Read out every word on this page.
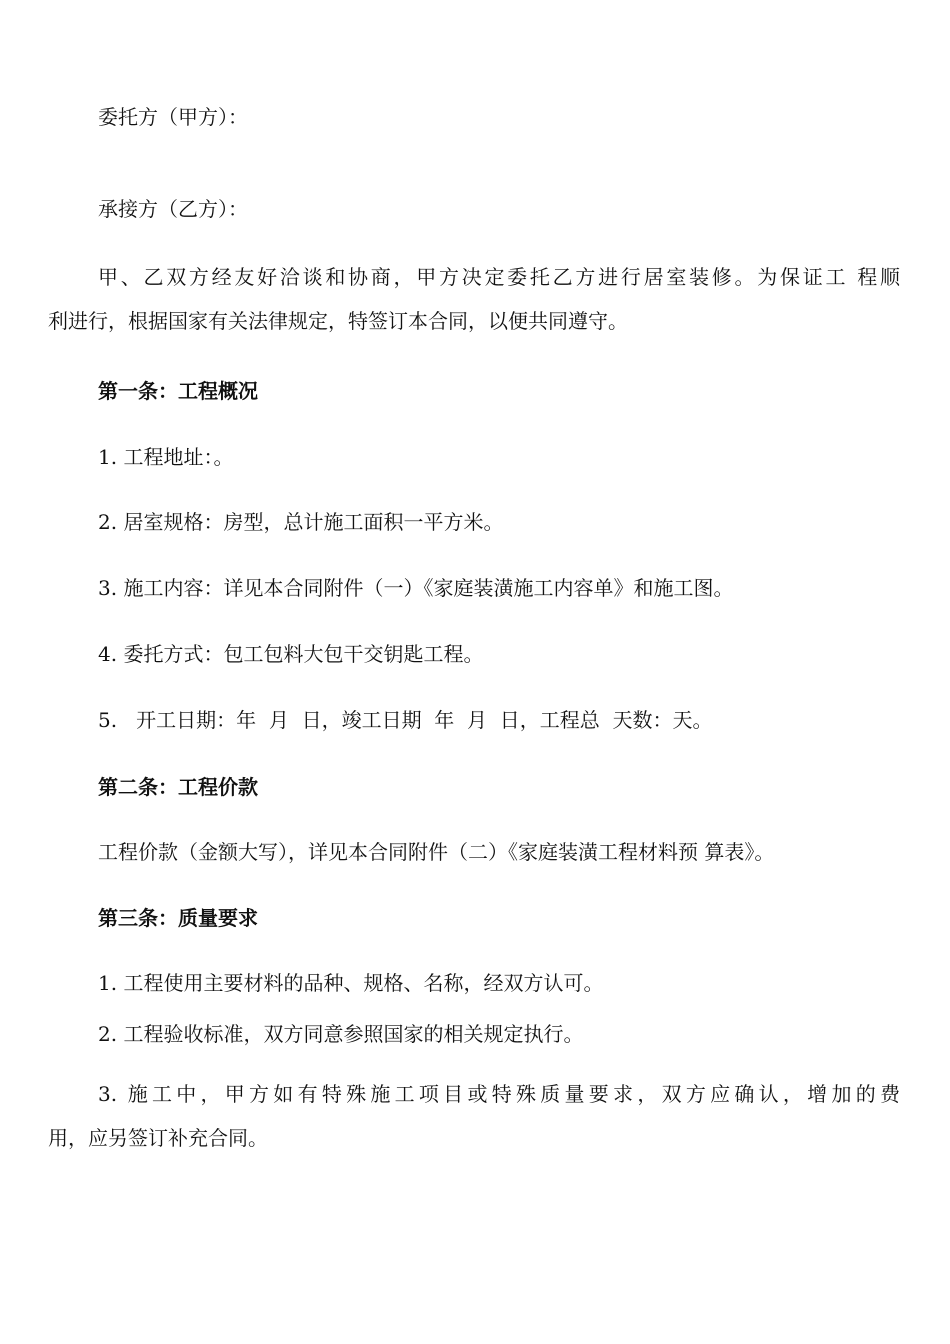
委托方（甲方）：

承接方（乙方）：

甲、乙双方经友好洽谈和协商，甲方决定委托乙方进行居室装修。为保证工 程顺
利进行，根据国家有关法律规定，特签订本合同，以便共同遵守。

第一条：工程概况

1. 工程地址：。

2. 居室规格：房型，总计施工面积一平方米。

3. 施工内容：详见本合同附件（一）《家庭装潢施工内容单》和施工图。

4. 委托方式：包工包料大包干交钥匙工程。

5.   开工日期：年  月  日，竣工日期  年  月  日，工程总  天数：天。

第二条：工程价款

工程价款（金额大写），详见本合同附件（二）《家庭装潢工程材料预 算表》。

第三条：质量要求

1. 工程使用主要材料的品种、规格、名称，经双方认可。

2. 工程验收标准，双方同意参照国家的相关规定执行。

3. 施工中，甲方如有特殊施工项目或特殊质量要求，双方应确认，增加的费
用，应另签订补充合同。
